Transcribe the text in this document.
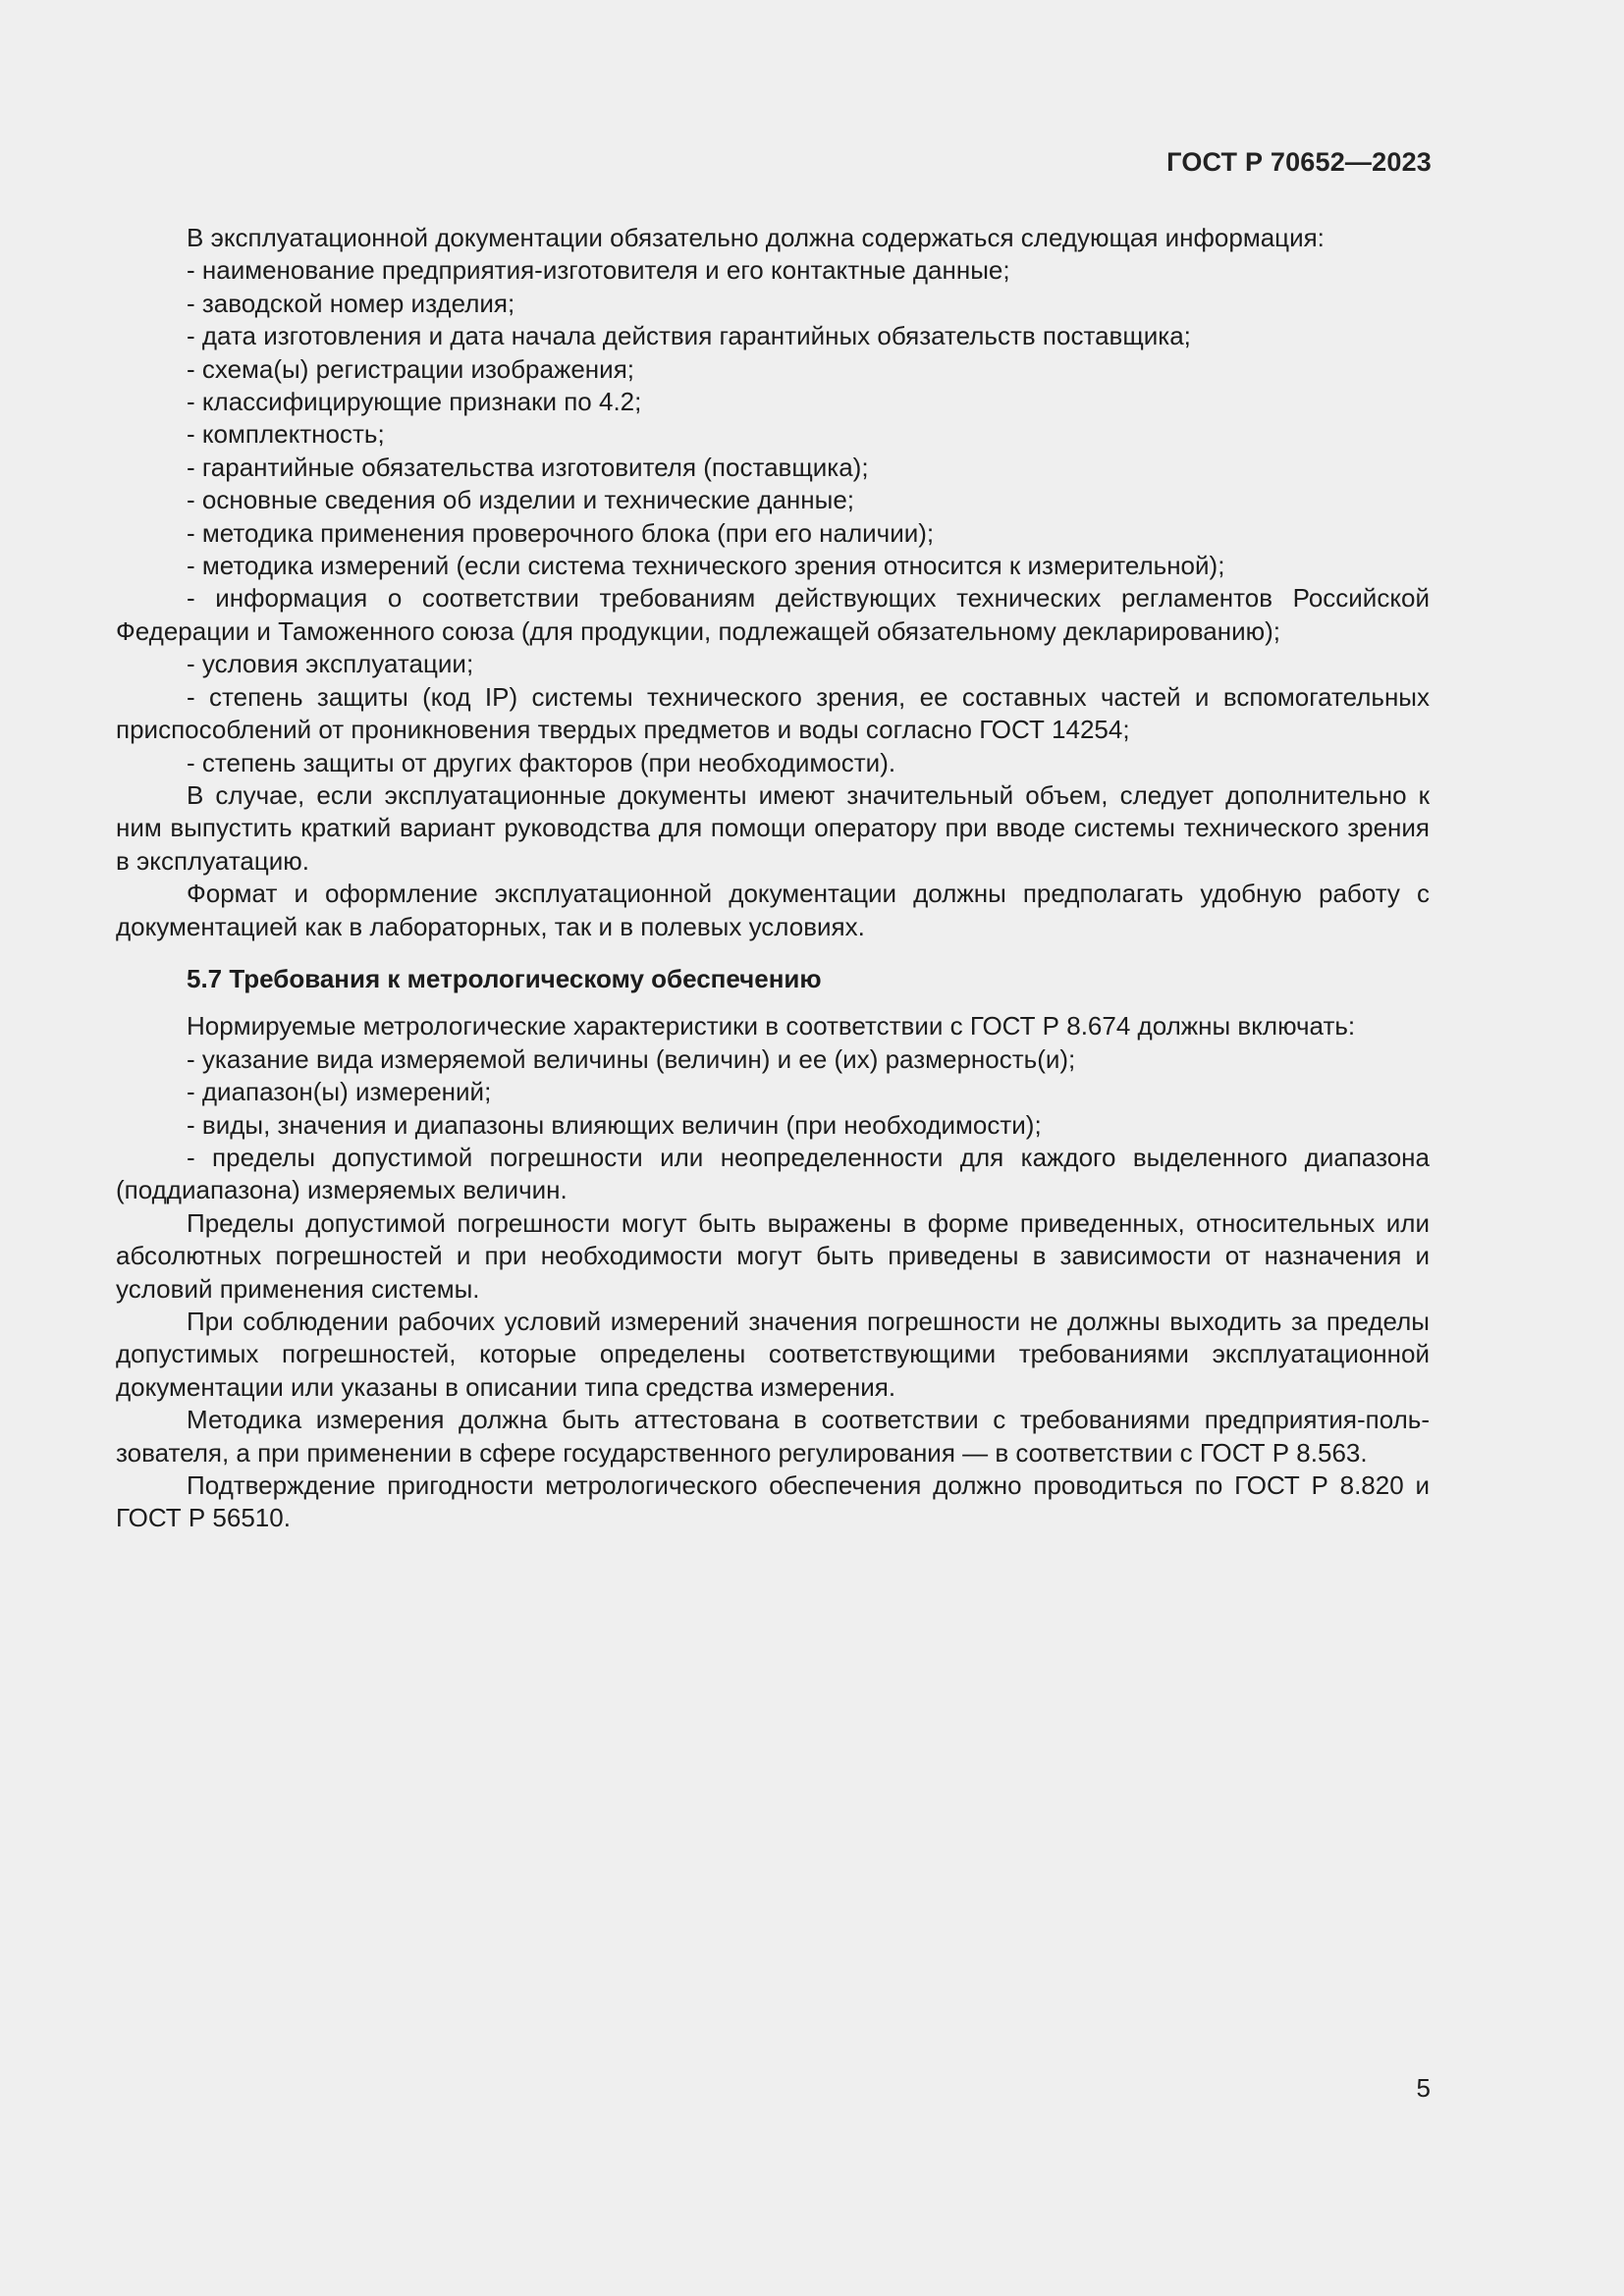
ГОСТ Р 70652—2023

В эксплуатационной документации обязательно должна содержаться следующая информация:

- наименование предприятия-изготовителя и его контактные данные;

- заводской номер изделия;

- дата изготовления и дата начала действия гарантийных обязательств поставщика;

- схема(ы) регистрации изображения;

- классифицирующие признаки по 4.2;

- комплектность;

- гарантийные обязательства изготовителя (поставщика);

- основные сведения об изделии и технические данные;

- методика применения проверочного блока (при его наличии);

- методика измерений (если система технического зрения относится к измерительной);

- информация о соответствии требованиям действующих технических регламентов Российской Федерации и Таможенного союза (для продукции, подлежащей обязательному декларированию);

- условия эксплуатации;

- степень защиты (код IP) системы технического зрения, ее составных частей и вспомогательных приспособлений от проникновения твердых предметов и воды согласно ГОСТ 14254;

- степень защиты от других факторов (при необходимости).

В случае, если эксплуатационные документы имеют значительный объем, следует дополнительно к ним выпустить краткий вариант руководства для помощи оператору при вводе системы технического зрения в эксплуатацию.

Формат и оформление эксплуатационной документации должны предполагать удобную работу с документацией как в лабораторных, так и в полевых условиях.

5.7 Требования к метрологическому обеспечению

Нормируемые метрологические характеристики в соответствии с ГОСТ Р 8.674 должны включать:

- указание вида измеряемой величины (величин) и ее (их) размерность(и);

- диапазон(ы) измерений;

- виды, значения и диапазоны влияющих величин (при необходимости);

- пределы допустимой погрешности или неопределенности для каждого выделенного диапазона (поддиапазона) измеряемых величин.

Пределы допустимой погрешности могут быть выражены в форме приведенных, относительных или абсолютных погрешностей и при необходимости могут быть приведены в зависимости от назначения и условий применения системы.

При соблюдении рабочих условий измерений значения погрешности не должны выходить за пределы допустимых погрешностей, которые определены соответствующими требованиями эксплуатационной документации или указаны в описании типа средства измерения.

Методика измерения должна быть аттестована в соответствии с требованиями предприятия-пользователя, а при применении в сфере государственного регулирования — в соответствии с ГОСТ Р 8.563.

Подтверждение пригодности метрологического обеспечения должно проводиться по ГОСТ Р 8.820 и ГОСТ Р 56510.

5
